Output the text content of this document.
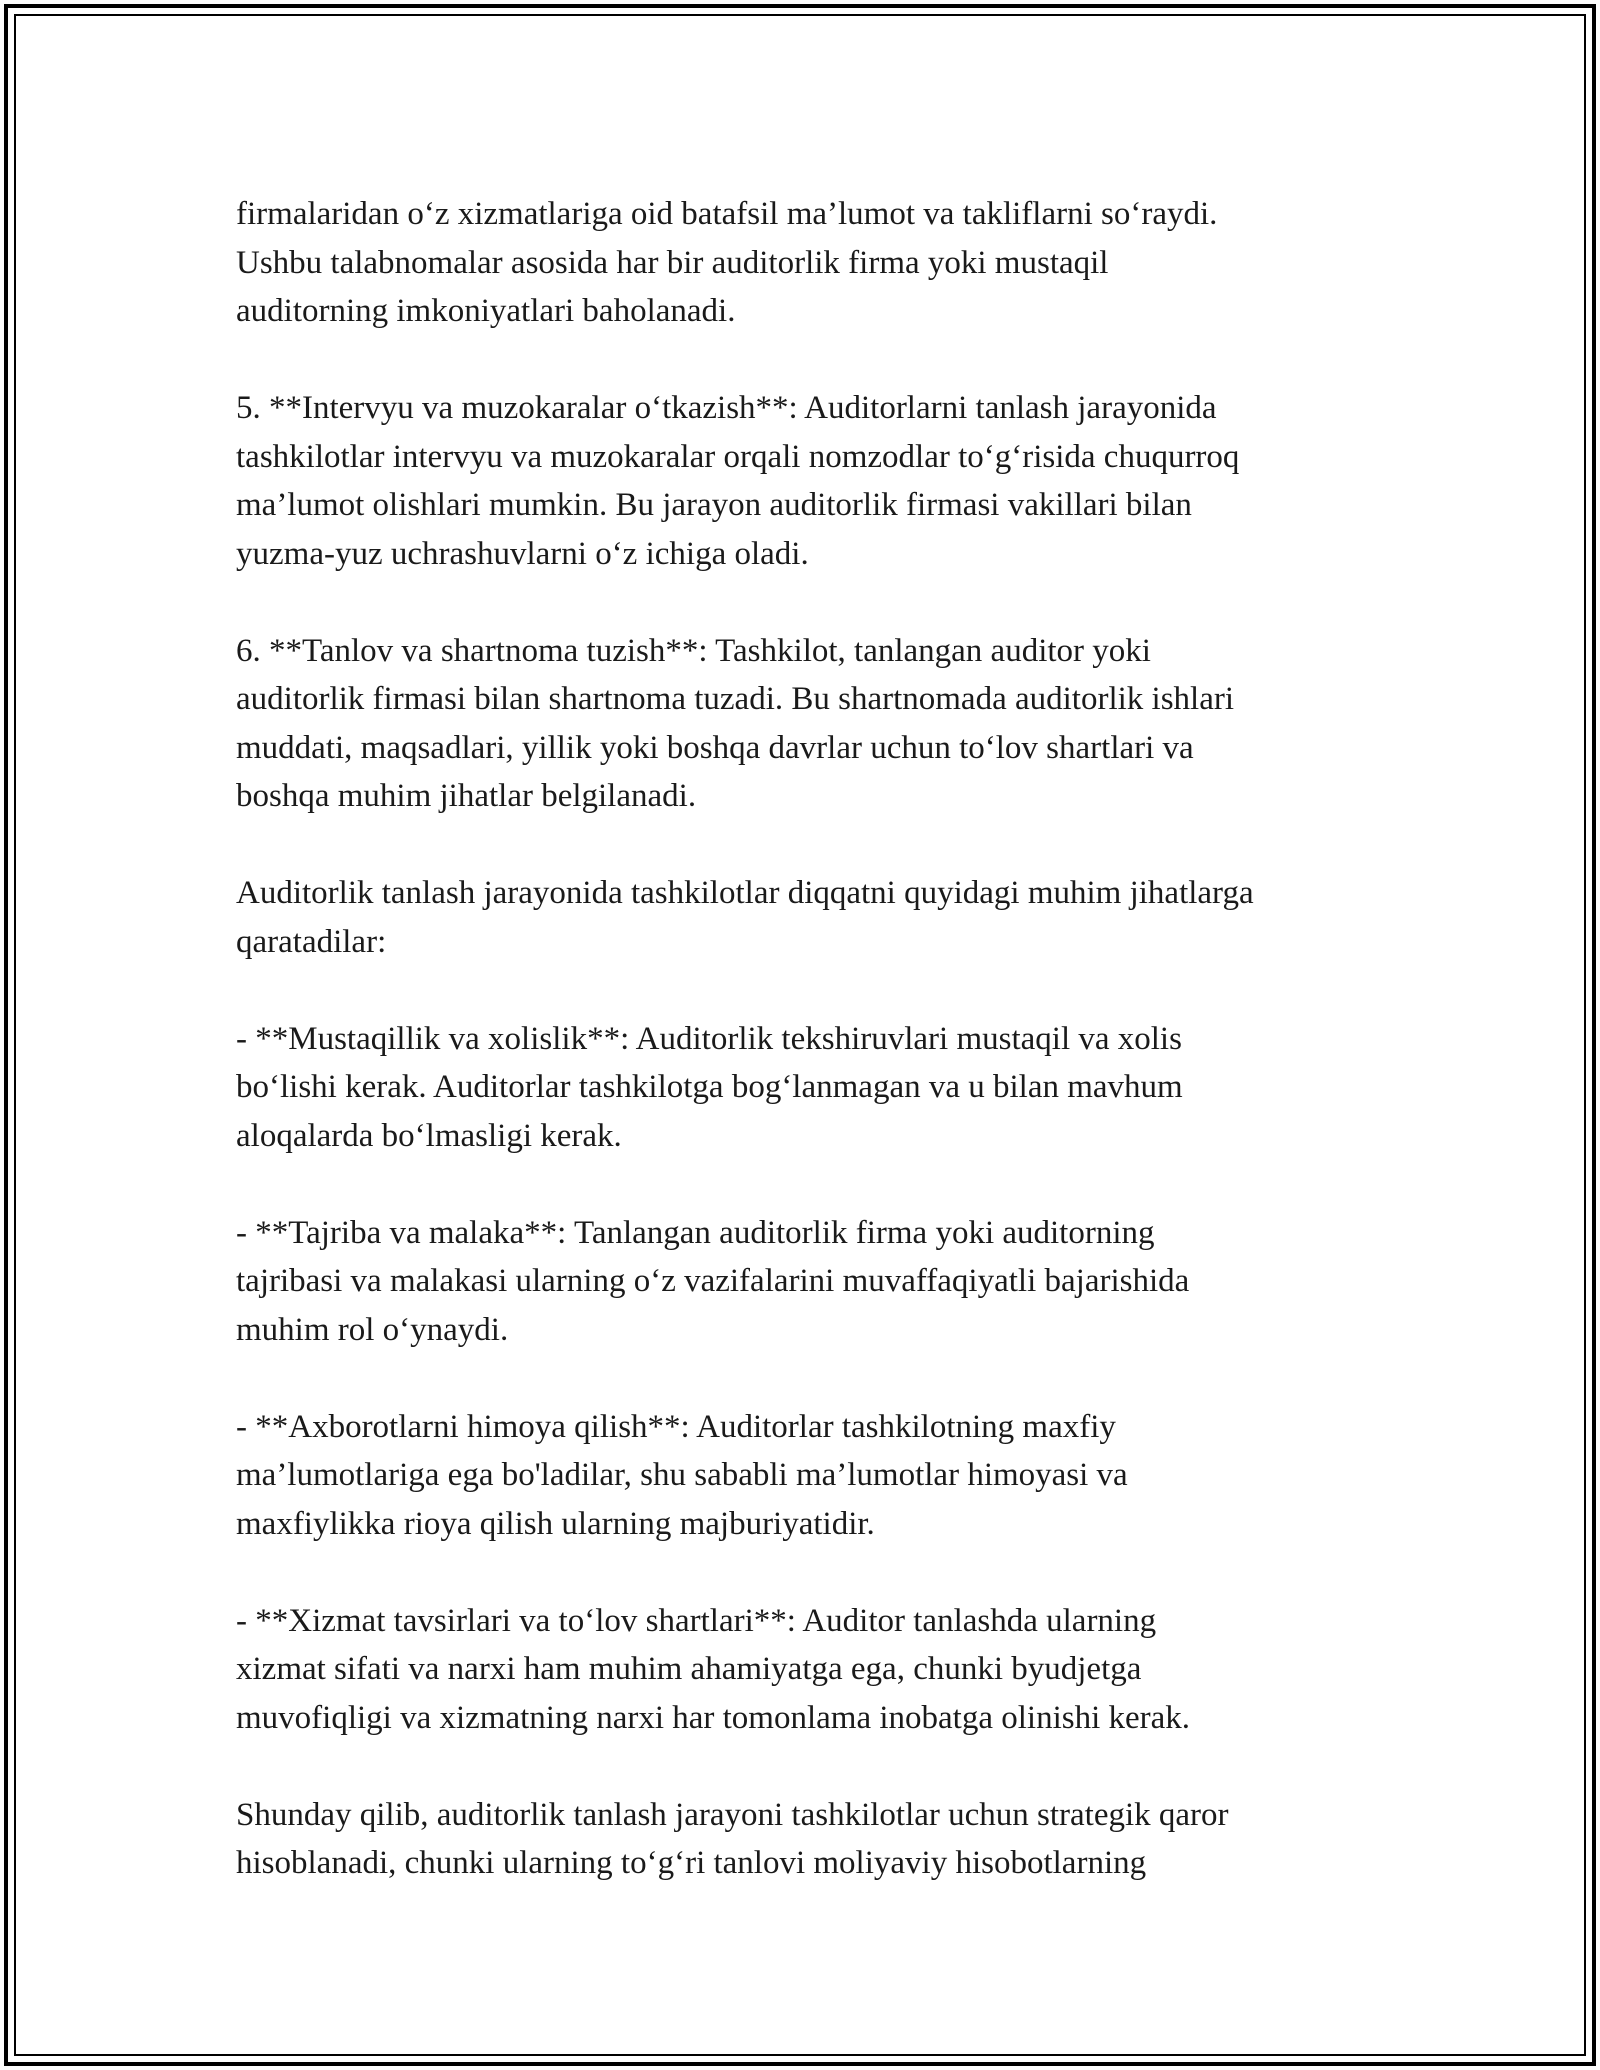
firmalaridan o‘z xizmatlariga oid batafsil ma’lumot va takliflarni so‘raydi.
Ushbu talabnomalar asosida har bir auditorlik firma yoki mustaqil
auditorning imkoniyatlari baholanadi.

5. **Intervyu va muzokaralar o‘tkazish**: Auditorlarni tanlash jarayonida
tashkilotlar intervyu va muzokaralar orqali nomzodlar to‘g‘risida chuqurroq
ma’lumot olishlari mumkin. Bu jarayon auditorlik firmasi vakillari bilan
yuzma-yuz uchrashuvlarni o‘z ichiga oladi.

6. **Tanlov va shartnoma tuzish**: Tashkilot, tanlangan auditor yoki
auditorlik firmasi bilan shartnoma tuzadi. Bu shartnomada auditorlik ishlari
muddati, maqsadlari, yillik yoki boshqa davrlar uchun to‘lov shartlari va
boshqa muhim jihatlar belgilanadi.

Auditorlik tanlash jarayonida tashkilotlar diqqatni quyidagi muhim jihatlarga
qaratadilar:

- **Mustaqillik va xolislik**: Auditorlik tekshiruvlari mustaqil va xolis
bo‘lishi kerak. Auditorlar tashkilotga bog‘lanmagan va u bilan mavhum
aloqalarda bo‘lmasligi kerak.

- **Tajriba va malaka**: Tanlangan auditorlik firma yoki auditorning
tajribasi va malakasi ularning o‘z vazifalarini muvaffaqiyatli bajarishida
muhim rol o‘ynaydi.

- **Axborotlarni himoya qilish**: Auditorlar tashkilotning maxfiy
ma’lumotlariga ega bo'ladilar, shu sababli ma’lumotlar himoyasi va
maxfiylikka rioya qilish ularning majburiyatidir.

- **Xizmat tavsirlari va to‘lov shartlari**: Auditor tanlashda ularning
xizmat sifati va narxi ham muhim ahamiyatga ega, chunki byudjetga
muvofiqligi va xizmatning narxi har tomonlama inobatga olinishi kerak.

Shunday qilib, auditorlik tanlash jarayoni tashkilotlar uchun strategik qaror
hisoblanadi, chunki ularning to‘g‘ri tanlovi moliyaviy hisobotlarning
